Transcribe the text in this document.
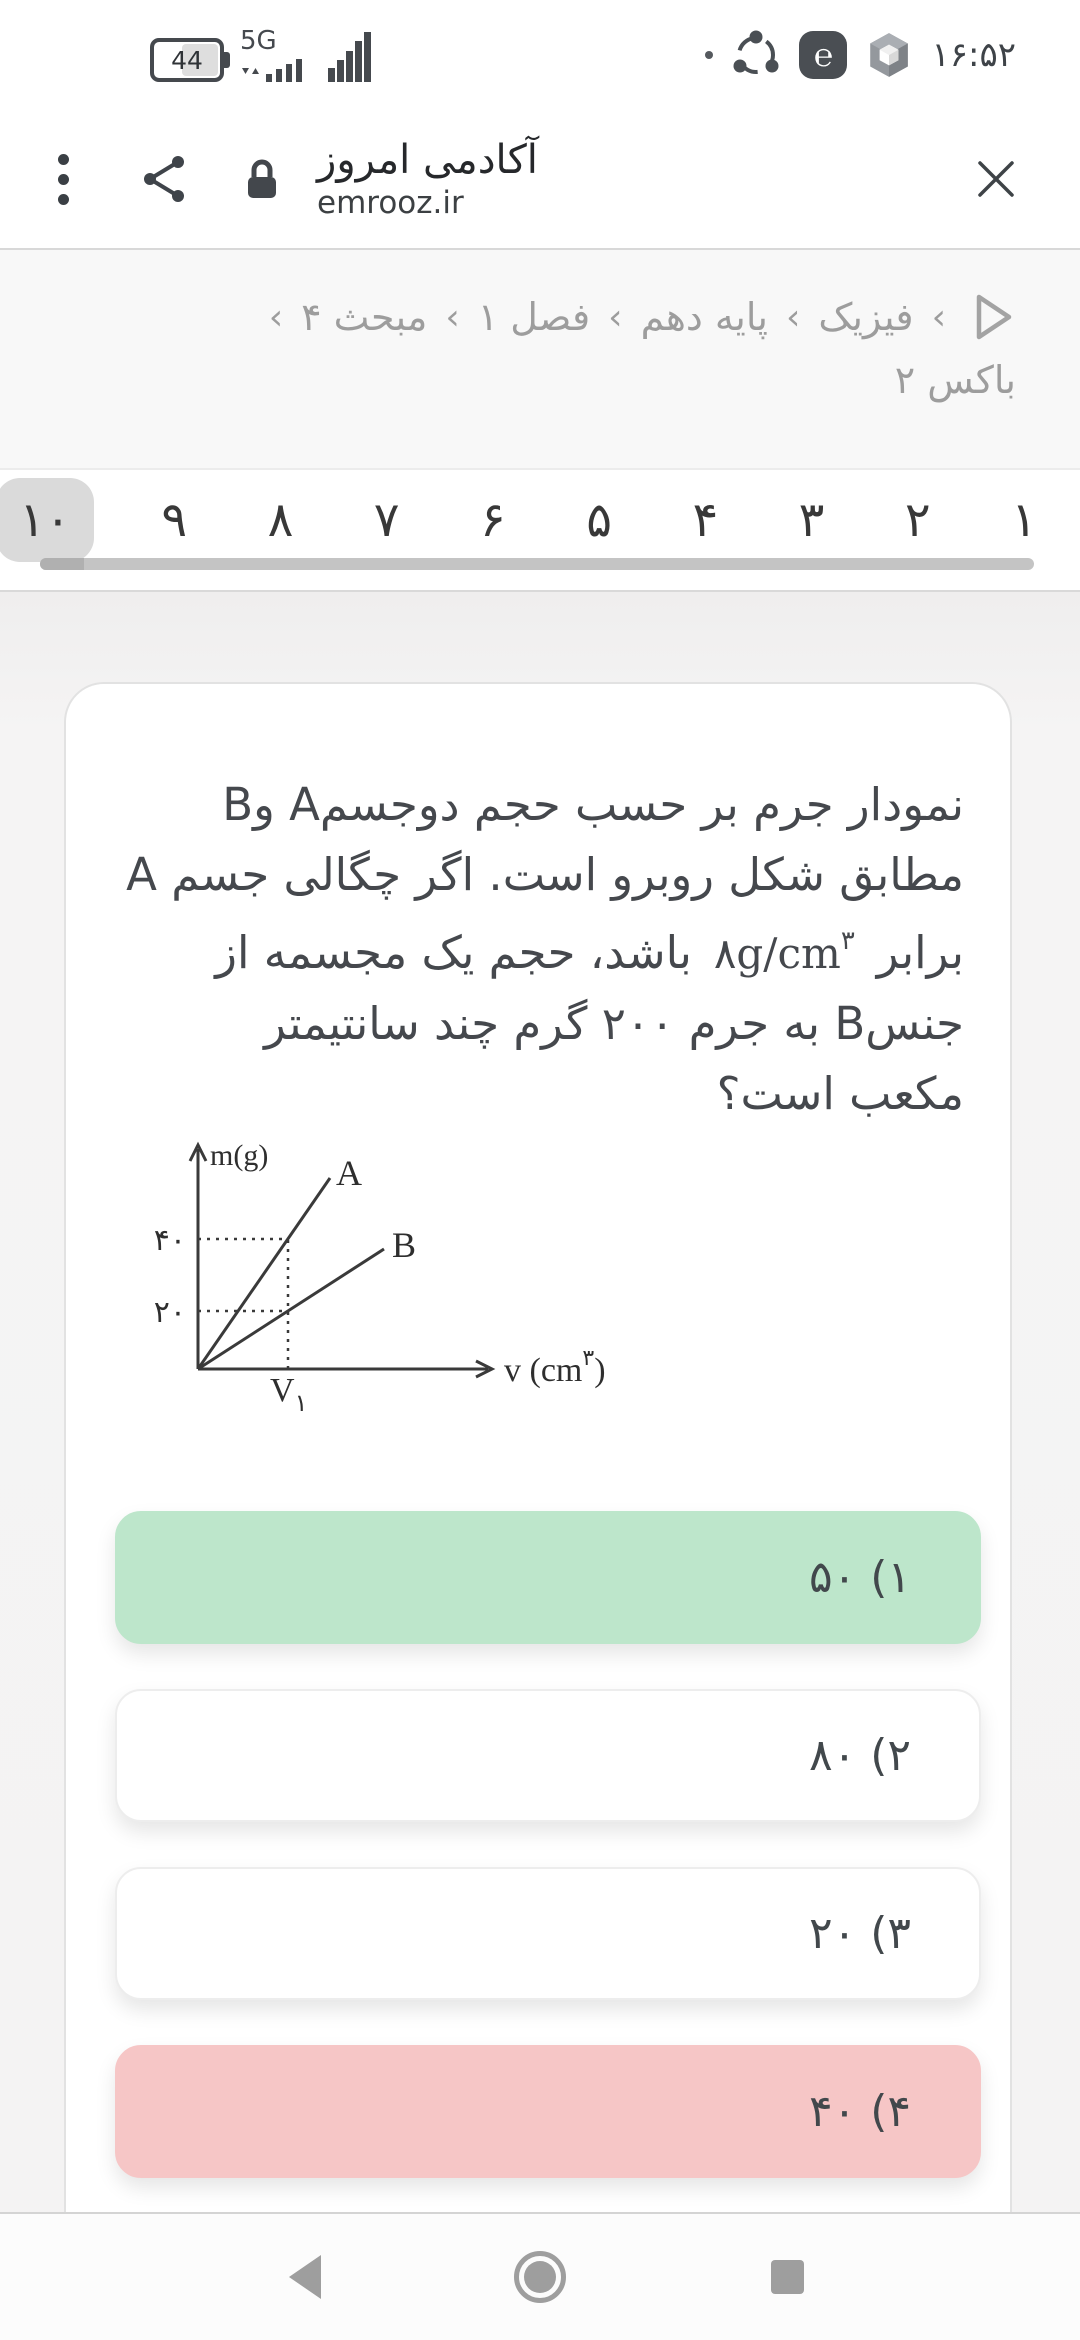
44
5G	℮	۱۶:۵۲
آکادمی امروز
emrooz.ir
‹
فیزیک
‹
پایه دهم
‹
فصل ۱
‹
مبحث ۴
‹
باکس ۲
۱
۲
۳
۴
۵
۶
۷
۸
۹
۱۰
نمودار جرم بر حسب حجم دوجسمA وB
مطابق شکل روبرو است. اگر چگالی جسم A
$برابر۸g/cm^۳باشد،$ حجم یک مجسمه از
جنسB به جرم ۲۰۰ گرم چند سانتیمتر
مکعب است؟
m(g) A
B
۴۰
۲۰
$V_۱$
v $(cm^۳)$
۱) ۵۰
۲) ۸۰
۳) ۲۰
۴) ۴۰
